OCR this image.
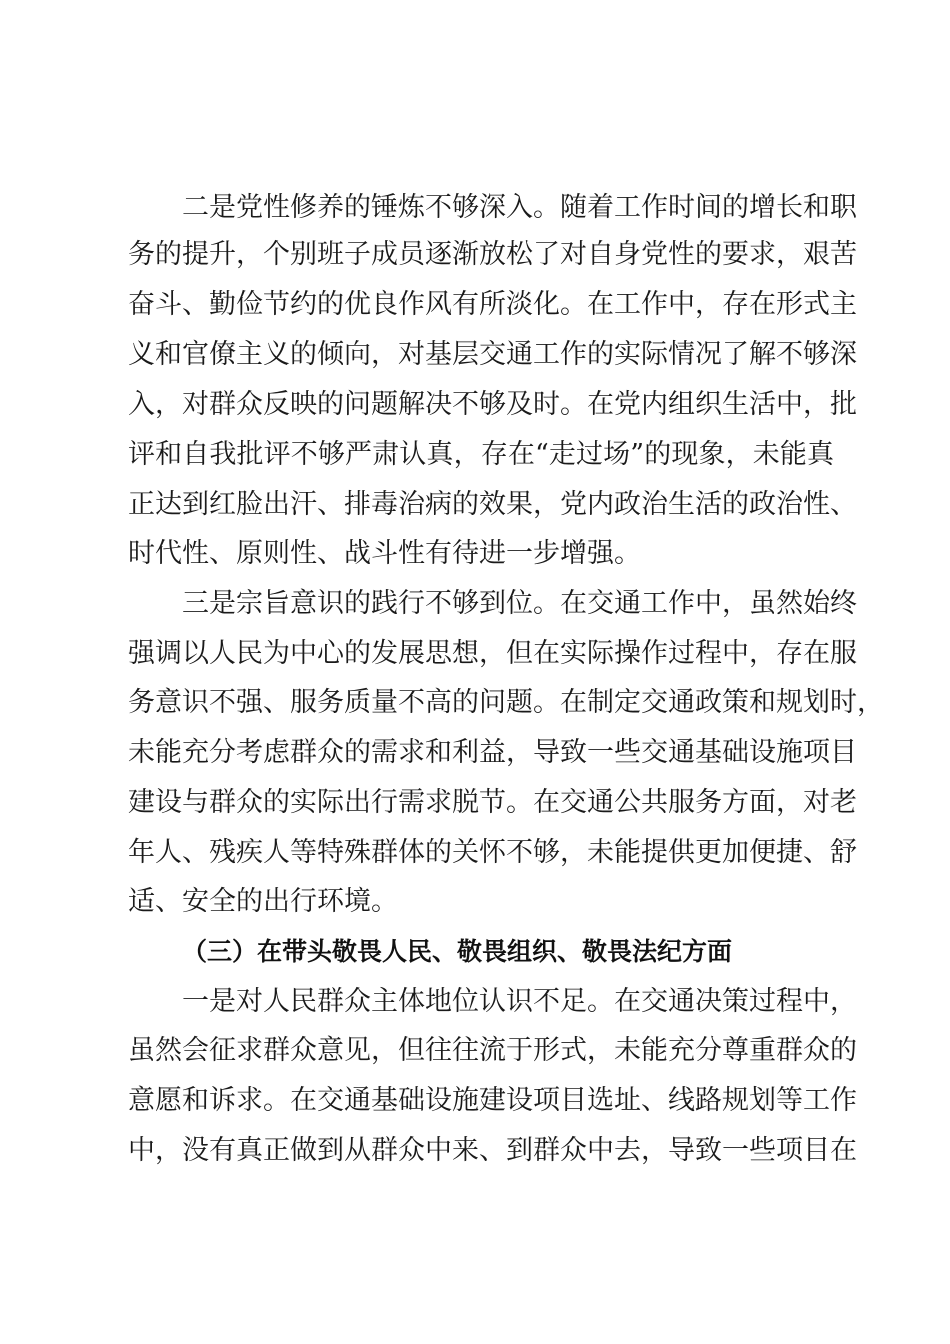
二是党性修养的锤炼不够深入。随着工作时间的增长和职
务的提升，个别班子成员逐渐放松了对自身党性的要求，艰苦
奋斗、勤俭节约的优良作风有所淡化。在工作中，存在形式主
义和官僚主义的倾向，对基层交通工作的实际情况了解不够深
入，对群众反映的问题解决不够及时。在党内组织生活中，批
评和自我批评不够严肃认真，存在“走过场”的现象，未能真
正达到红脸出汗、排毒治病的效果，党内政治生活的政治性、
时代性、原则性、战斗性有待进一步增强。
三是宗旨意识的践行不够到位。在交通工作中，虽然始终
强调以人民为中心的发展思想，但在实际操作过程中，存在服
务意识不强、服务质量不高的问题。在制定交通政策和规划时，
未能充分考虑群众的需求和利益，导致一些交通基础设施项目
建设与群众的实际出行需求脱节。在交通公共服务方面，对老
年人、残疾人等特殊群体的关怀不够，未能提供更加便捷、舒
适、安全的出行环境。
（三）在带头敬畏人民、敬畏组织、敬畏法纪方面
一是对人民群众主体地位认识不足。在交通决策过程中，
虽然会征求群众意见，但往往流于形式，未能充分尊重群众的
意愿和诉求。在交通基础设施建设项目选址、线路规划等工作
中，没有真正做到从群众中来、到群众中去，导致一些项目在
